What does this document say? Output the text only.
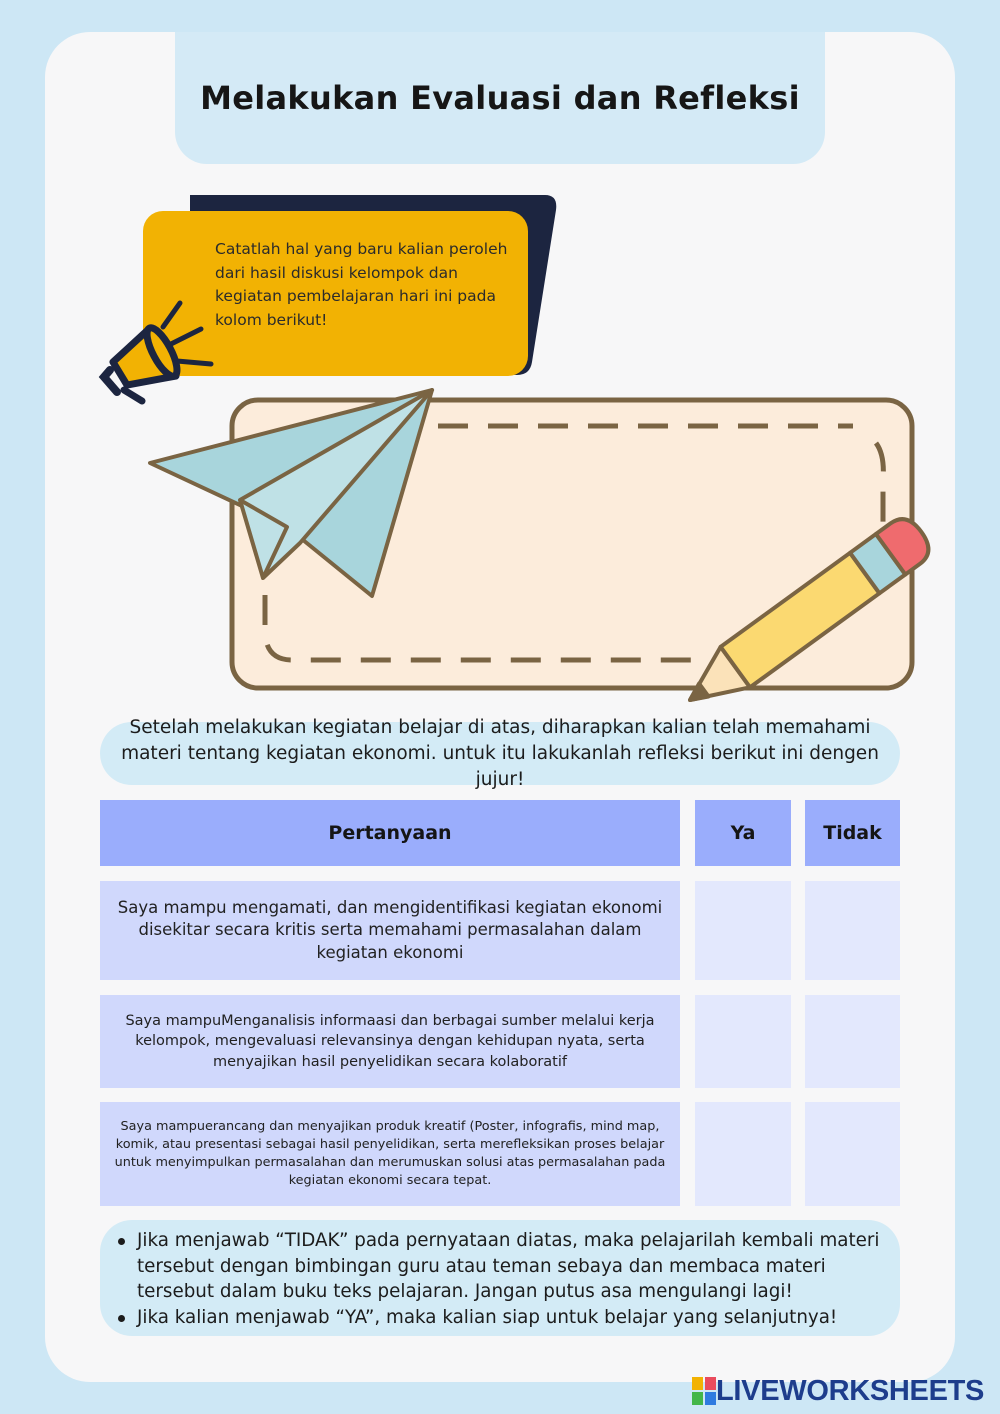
Melakukan Evaluasi dan Refleksi
Catatlah hal yang baru kalian peroleh dari hasil diskusi kelompok dan kegiatan pembelajaran hari ini pada kolom berikut!

Setelah melakukan kegiatan belajar di atas, diharapkan kalian telah memahami materi tentang kegiatan ekonomi. untuk itu lakukanlah refleksi berikut ini dengen jujur!

Pertanyaan	Ya	Tidak
Saya mampu mengamati, dan mengidentifikasi kegiatan ekonomi disekitar secara kritis serta memahami permasalahan dalam kegiatan ekonomi
Saya mampuMenganalisis informaasi dan berbagai sumber melalui kerja kelompok, mengevaluasi relevansinya dengan kehidupan nyata, serta menyajikan hasil penyelidikan secara kolaboratif
Saya mampuerancang dan menyajikan produk kreatif (Poster, infografis, mind map, komik, atau presentasi sebagai hasil penyelidikan, serta merefleksikan proses belajar untuk menyimpulkan permasalahan dan merumuskan solusi atas permasalahan pada kegiatan ekonomi secara tepat.
Jika menjawab “TIDAK” pada pernyataan diatas, maka pelajarilah kembali materi tersebut dengan bimbingan guru atau teman sebaya dan membaca materi tersebut dalam buku teks pelajaran. Jangan putus asa mengulangi lagi!
Jika kalian menjawab “YA”, maka kalian siap untuk belajar yang selanjutnya!
LIVEWORKSHEETS
